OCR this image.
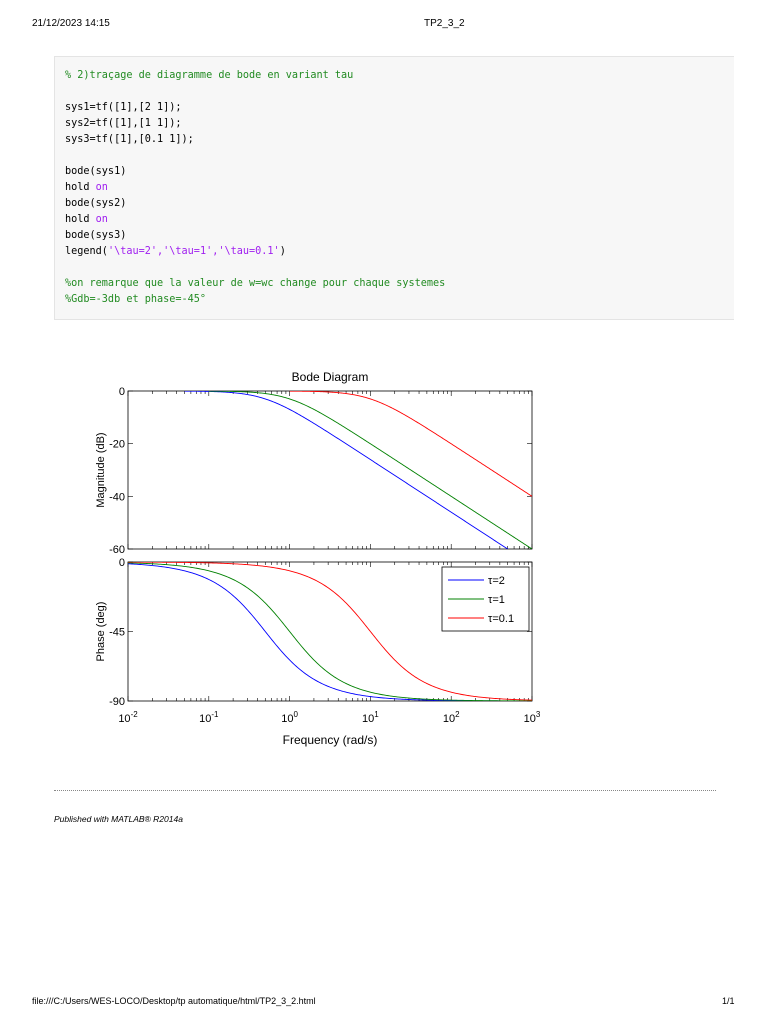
21/12/2023 14:15	TP2_3_2
% 2)traçage de diagramme de bode en variant tau

sys1=tf([1],[2 1]);
sys2=tf([1],[1 1]);
sys3=tf([1],[0.1 1]);

bode(sys1)
hold on
bode(sys2)
hold on
bode(sys3)
legend('\tau=2','\tau=1','\tau=0.1')

%on remarque que la valeur de w=wc change pour chaque systemes
%Gdb=-3db et phase=-45°
Bode Diagram
$10^{-2}$	$10^{-1}$	$10^0$	$10^1$	$10^2$	$10^3$
Frequency (rad/s)
0
-20
-40
-60
Magnitude (dB)
0
-45
-90
Phase (deg)
τ=2
τ=1
τ=0.1
Published with MATLAB® R2014a
file:///C:/Users/WES-LOCO/Desktop/tp automatique/html/TP2_3_2.html	1/1
